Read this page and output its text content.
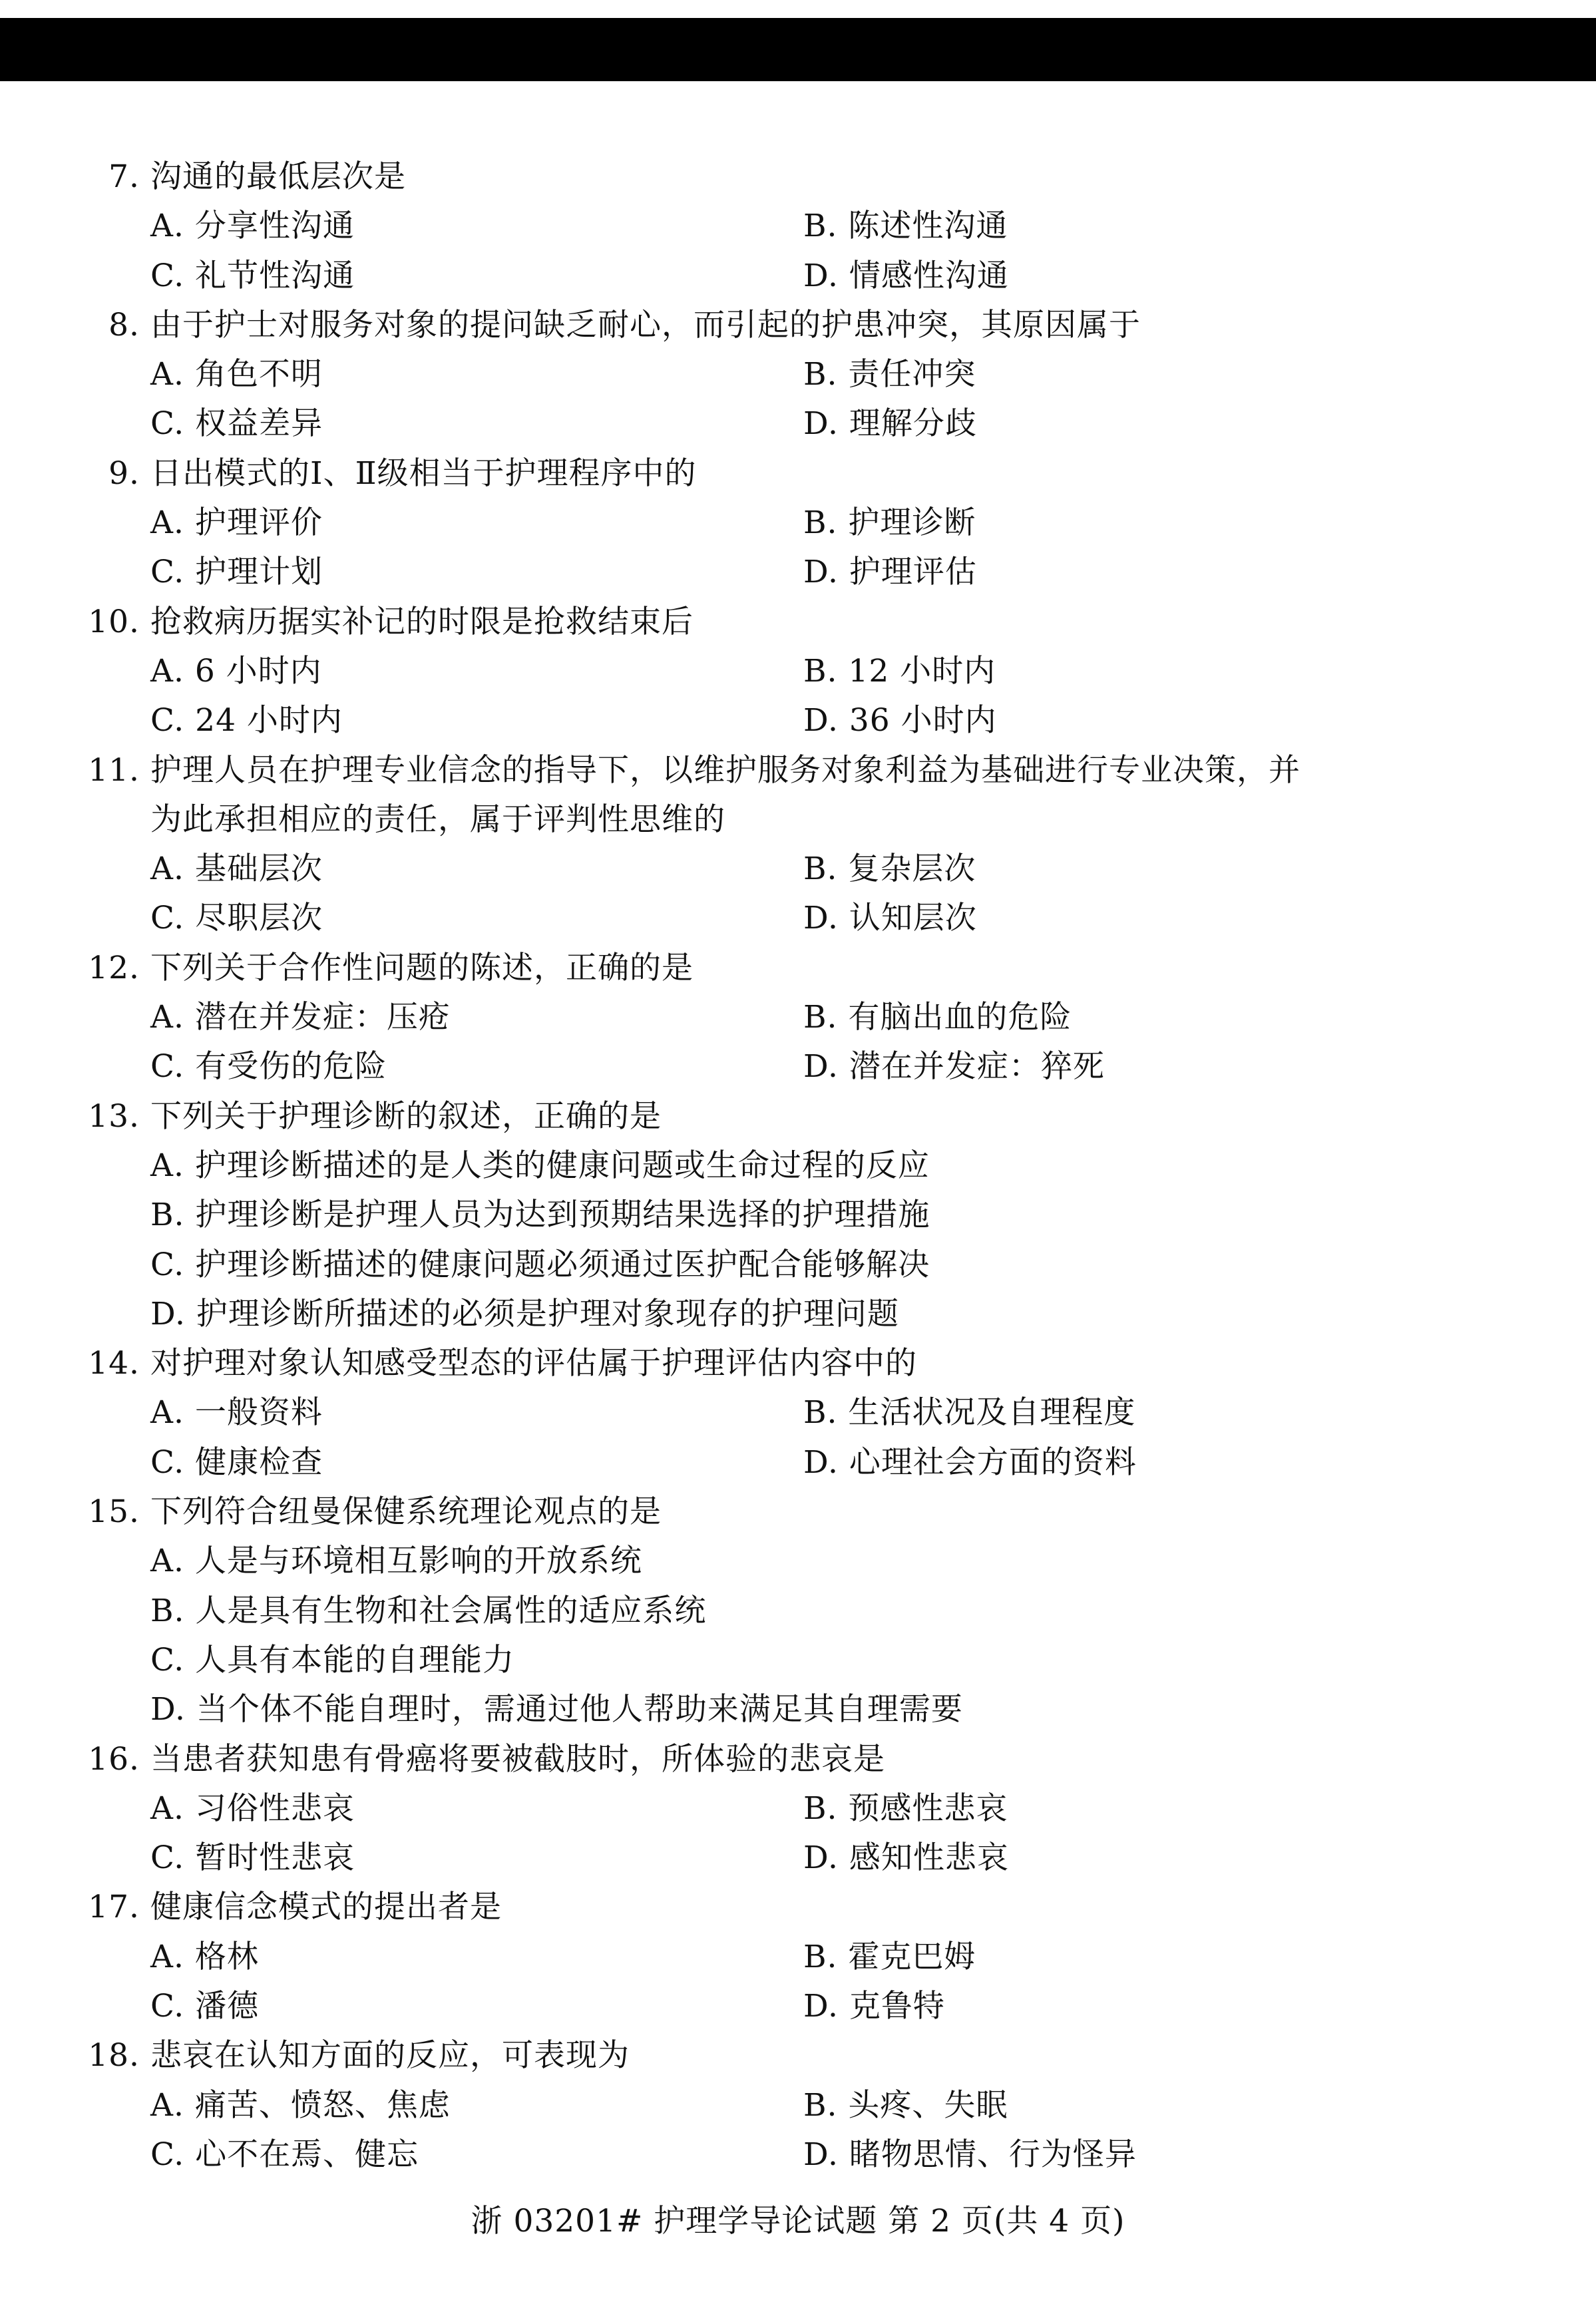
7. 沟通的最低层次是
A. 分享性沟通	B. 陈述性沟通
C. 礼节性沟通	D. 情感性沟通
8. 由于护士对服务对象的提问缺乏耐心，而引起的护患冲突，其原因属于
A. 角色不明	B. 责任冲突
C. 权益差异	D. 理解分歧
9. 日出模式的Ⅰ、Ⅱ级相当于护理程序中的
A. 护理评价	B. 护理诊断
C. 护理计划	D. 护理评估
10. 抢救病历据实补记的时限是抢救结束后
A. 6 小时内	B. 12 小时内
C. 24 小时内	D. 36 小时内
11. 护理人员在护理专业信念的指导下，以维护服务对象利益为基础进行专业决策，并
为此承担相应的责任，属于评判性思维的
A. 基础层次	B. 复杂层次
C. 尽职层次	D. 认知层次
12. 下列关于合作性问题的陈述，正确的是
A. 潜在并发症：压疮	B. 有脑出血的危险
C. 有受伤的危险	D. 潜在并发症：猝死
13. 下列关于护理诊断的叙述，正确的是
A. 护理诊断描述的是人类的健康问题或生命过程的反应
B. 护理诊断是护理人员为达到预期结果选择的护理措施
C. 护理诊断描述的健康问题必须通过医护配合能够解决
D. 护理诊断所描述的必须是护理对象现存的护理问题
14. 对护理对象认知感受型态的评估属于护理评估内容中的
A. 一般资料	B. 生活状况及自理程度
C. 健康检查	D. 心理社会方面的资料
15. 下列符合纽曼保健系统理论观点的是
A. 人是与环境相互影响的开放系统
B. 人是具有生物和社会属性的适应系统
C. 人具有本能的自理能力
D. 当个体不能自理时，需通过他人帮助来满足其自理需要
16. 当患者获知患有骨癌将要被截肢时，所体验的悲哀是
A. 习俗性悲哀	B. 预感性悲哀
C. 暂时性悲哀	D. 感知性悲哀
17. 健康信念模式的提出者是
A. 格林	B. 霍克巴姆
C. 潘德	D. 克鲁特
18. 悲哀在认知方面的反应，可表现为
A. 痛苦、愤怒、焦虑	B. 头疼、失眠
C. 心不在焉、健忘	D. 睹物思情、行为怪异
浙 03201# 护理学导论试题 第 2 页(共 4 页)
